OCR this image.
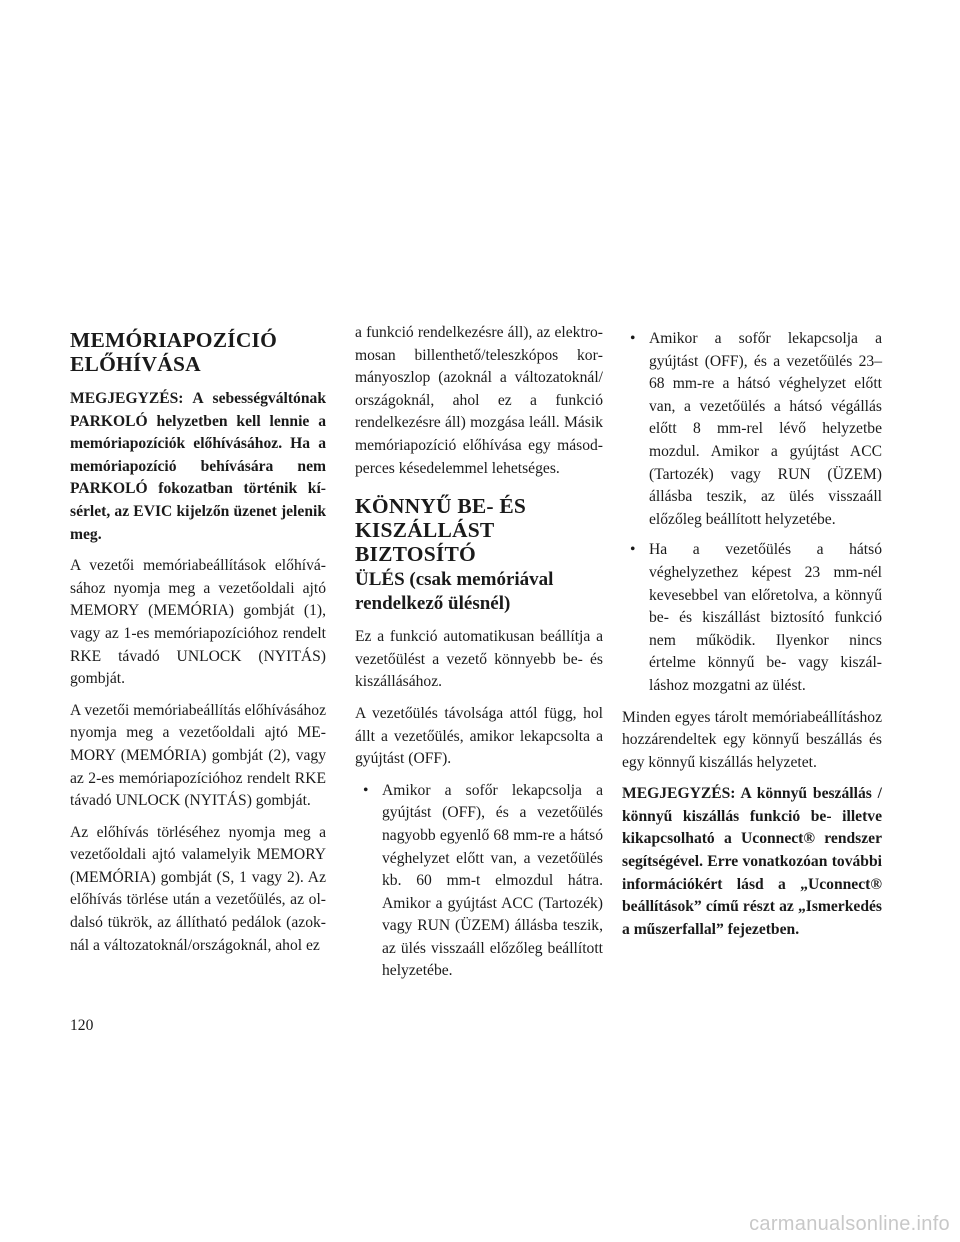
MEMÓRIAPOZÍCIÓ ELŐHÍVÁSA

MEGJEGYZÉS: A sebességváltónak PARKOLÓ helyzetben kell lennie a memóriapozíciók előhívásához. Ha a memóriapozíció behívására nem PARKOLÓ fokozatban történik kísérlet, az EVIC kijelzőn üzenet jelenik meg.

A vezetői memóriabeállítások előhívásához nyomja meg a vezetőoldali ajtó MEMORY (MEMÓRIA) gombját (1), vagy az 1-es memóriapozícióhoz rendelt RKE távadó UNLOCK (NYITÁS) gombját.

A vezetői memóriabeállítás előhívásához nyomja meg a vezetőoldali ajtó MEMORY (MEMÓRIA) gombját (2), vagy az 2-es memóriapozícióhoz rendelt RKE távadó UNLOCK (NYITÁS) gombját.

Az előhívás törléséhez nyomja meg a vezetőoldali ajtó valamelyik MEMORY (MEMÓRIA) gombját (S, 1 vagy 2). Az előhívás törlése után a vezetőülés, az oldalsó tükrök, az állítható pedálok (azoknál a változatoknál/országoknál, ahol ez

a funkció rendelkezésre áll), az elektromosan billenthető/teleszkópos kormányoszlop (azoknál a változatoknál/ országoknál, ahol ez a funkció rendelkezésre áll) mozgása leáll. Másik memóriapozíció előhívása egy másodperces késedelemmel lehetséges.

KÖNNYŰ BE- ÉS KISZÁLLÁST BIZTOSÍTÓ
ÜLÉS (csak memóriával rendelkező ülésnél)

Ez a funkció automatikusan beállítja a vezetőülést a vezető könnyebb be- és kiszállásához.

A vezetőülés távolsága attól függ, hol állt a vezetőülés, amikor lekapcsolta a gyújtást (OFF).

• Amikor a sofőr lekapcsolja a gyújtást (OFF), és a vezetőülés nagyobb egyenlő 68 mm-re a hátsó véghelyzet előtt van, a vezetőülés kb. 60 mm-t elmozdul hátra. Amikor a gyújtást ACC (Tartozék) vagy RUN (ÜZEM) állásba teszik, az ülés visszaáll előzőleg beállított helyzetébe.
• Amikor a sofőr lekapcsolja a gyújtást (OFF), és a vezetőülés 23– 68 mm-re a hátsó véghelyzet előtt van, a vezetőülés a hátsó végállás előtt 8 mm-rel lévő helyzetbe mozdul. Amikor a gyújtást ACC (Tartozék) vagy RUN (ÜZEM) állásba teszik, az ülés visszaáll előzőleg beállított helyzetébe.
• Ha a vezetőülés a hátsó véghelyzethez képest 23 mm-nél kevesebbel van előretolva, a könnyű be- és kiszállást biztosító funkció nem működik. Ilyenkor nincs értelme könnyű be- vagy kiszálláshoz mozgatni az ülést.

Minden egyes tárolt memóriabeállításhoz hozzárendeltek egy könnyű beszállás és egy könnyű kiszállás helyzetet.

MEGJEGYZÉS: A könnyű beszállás / könnyű kiszállás funkció be- illetve kikapcsolható a Uconnect® rendszer segítségével. Erre vonatkozóan további információkért lásd a „Uconnect® beállítások” című részt az „Ismerkedés a műszerfallal” fejezetben.

120
carmanualsonline.info
